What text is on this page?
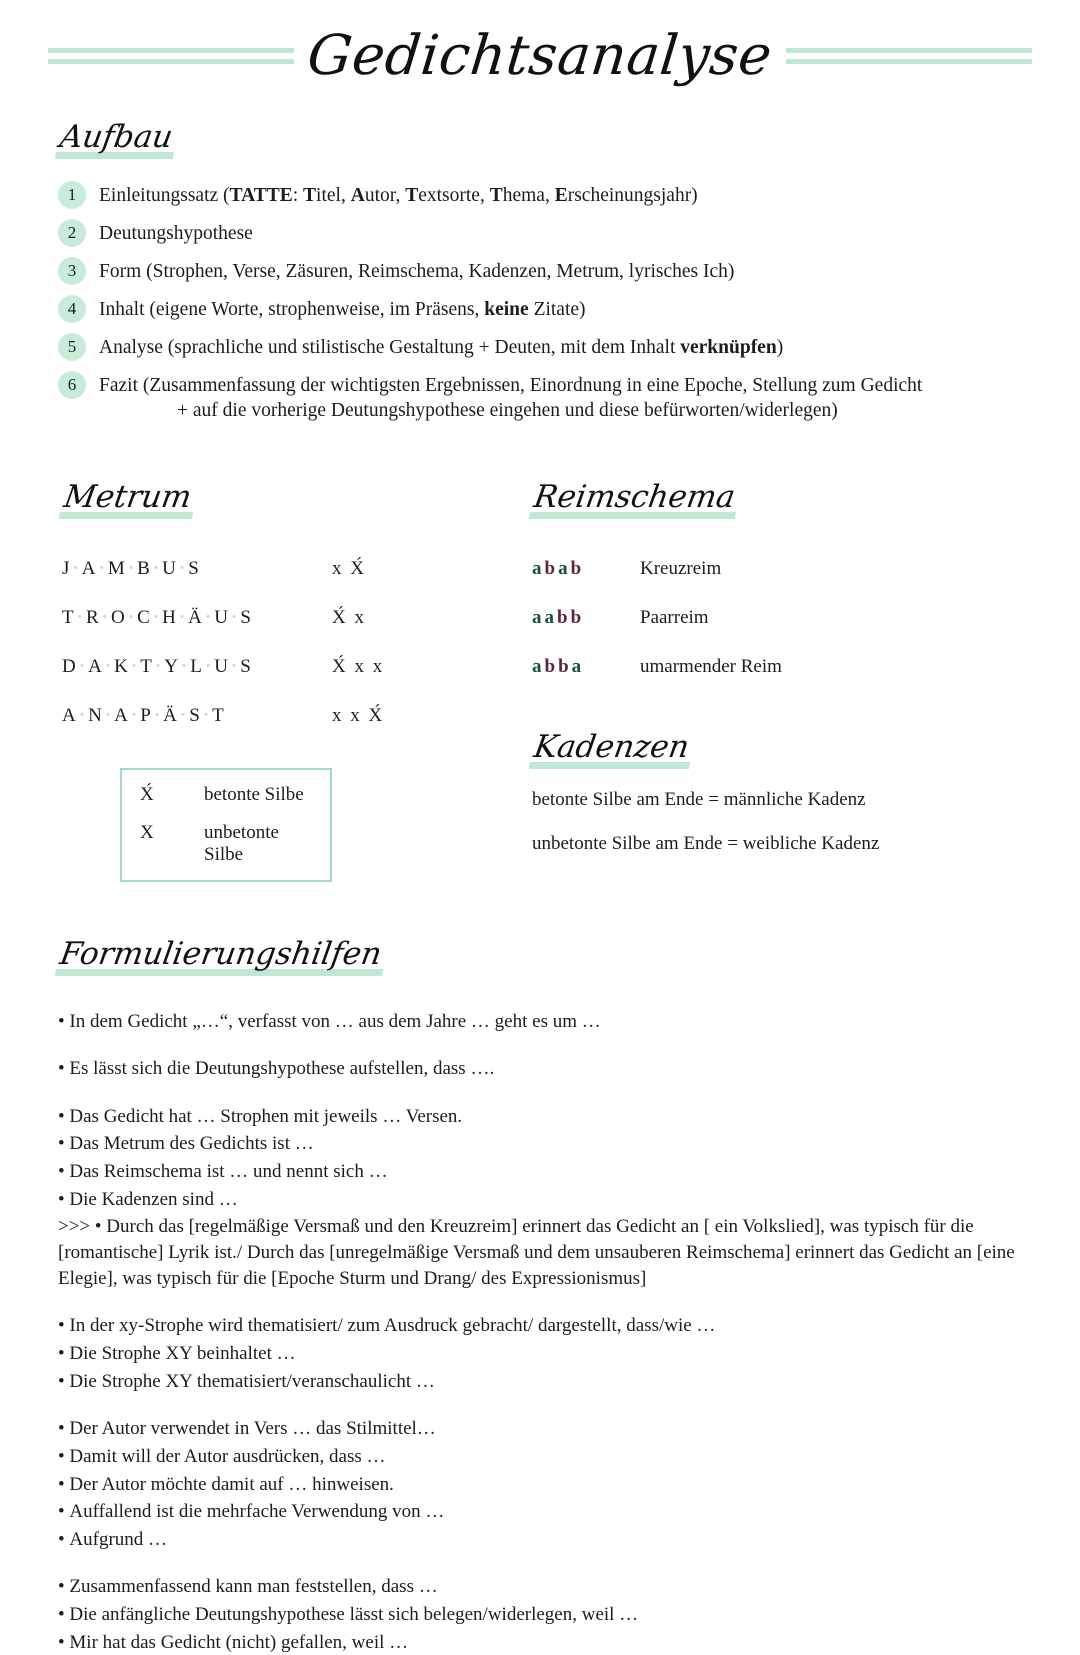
Gedichtsanalyse
Aufbau
1	Einleitungssatz (TATTE: Titel, Autor, Textsorte, Thema, Erscheinungsjahr)
2	Deutungshypothese
3	Form (Strophen, Verse, Zäsuren, Reimschema, Kadenzen, Metrum, lyrisches Ich)
4	Inhalt (eigene Worte, strophenweise, im Präsens, keine Zitate)
5	Analyse (sprachliche und stilistische Gestaltung + Deuten, mit dem Inhalt verknüpfen)
6	Fazit (Zusammenfassung der wichtigsten Ergebnissen, Einordnung in eine Epoche, Stellung zum Gedicht
+ auf die vorherige Deutungshypothese eingehen und diese befürworten/widerlegen)
Metrum
J · A · M · B · U · S	x X́
T · R · O · C · H · Ä · U · S	X́ x
D · A · K · T · Y · L · U · S	X́ x x
A · N · A · P · Ä · S · T	x x X́
X́	betonte Silbe
X	unbetonte Silbe
Reimschema
abab	Kreuzreim
aabb	Paarreim
abba	umarmender Reim
Kadenzen
betonte Silbe am Ende = männliche Kadenz
unbetonte Silbe am Ende = weibliche Kadenz
Formulierungshilfen

• In dem Gedicht „…“, verfasst von … aus dem Jahre … geht es um …

• Es lässt sich die Deutungshypothese aufstellen, dass ….

• Das Gedicht hat … Strophen mit jeweils … Versen.

• Das Metrum des Gedichts ist …

• Das Reimschema ist … und nennt sich …

• Die Kadenzen sind …

>>> • Durch das [regelmäßige Versmaß und den Kreuzreim] erinnert das Gedicht an [ ein Volkslied], was typisch für die [romantische] Lyrik ist./ Durch das [unregelmäßige Versmaß und dem unsauberen Reimschema] erinnert das Gedicht an [eine Elegie], was typisch für die [Epoche Sturm und Drang/ des Expressionismus]

• In der xy-Strophe wird thematisiert/ zum Ausdruck gebracht/ dargestellt, dass/wie …

• Die Strophe XY beinhaltet …

• Die Strophe XY thematisiert/veranschaulicht …

• Der Autor verwendet in Vers … das Stilmittel…

• Damit will der Autor ausdrücken, dass …

• Der Autor möchte damit auf … hinweisen.

• Auffallend ist die mehrfache Verwendung von …

• Aufgrund …

• Zusammenfassend kann man feststellen, dass …

• Die anfängliche Deutungshypothese lässt sich belegen/widerlegen, weil …

• Mir hat das Gedicht (nicht) gefallen, weil …
